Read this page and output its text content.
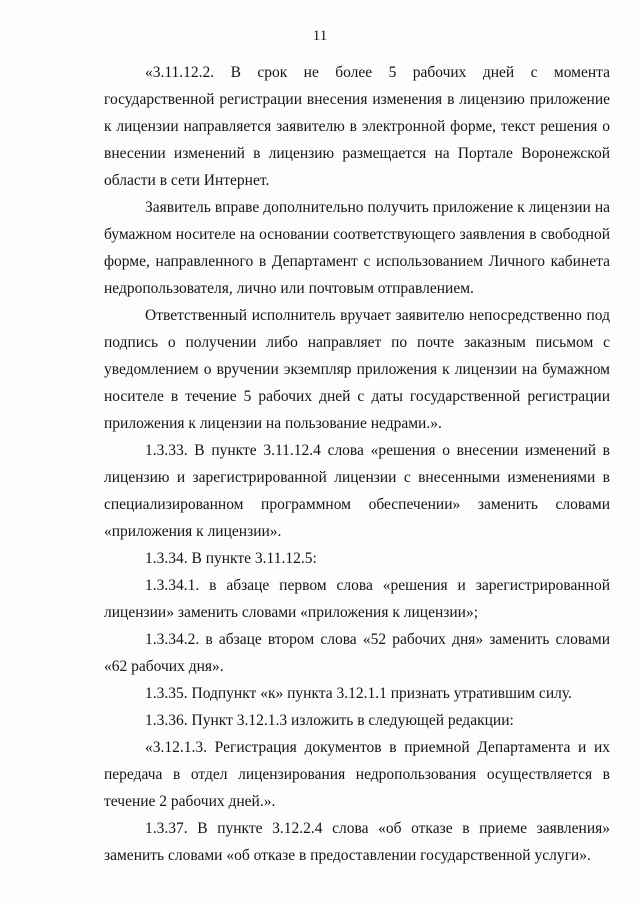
11

«3.11.12.2. В срок не более 5 рабочих дней с момента государственной регистрации внесения изменения в лицензию приложение к лицензии направляется заявителю в электронной форме, текст решения о внесении изменений в лицензию размещается на Портале Воронежской области в сети Интернет.

Заявитель вправе дополнительно получить приложение к лицензии на бумажном носителе на основании соответствующего заявления в свободной форме, направленного в Департамент с использованием Личного кабинета недропользователя, лично или почтовым отправлением.

Ответственный исполнитель вручает заявителю непосредственно под подпись о получении либо направляет по почте заказным письмом с уведомлением о вручении экземпляр приложения к лицензии на бумажном носителе в течение 5 рабочих дней с даты государственной регистрации приложения к лицензии на пользование недрами.».

1.3.33. В пункте 3.11.12.4 слова «решения о внесении изменений в лицензию и зарегистрированной лицензии с внесенными изменениями в специализированном программном обеспечении» заменить словами «приложения к лицензии».

1.3.34. В пункте 3.11.12.5:

1.3.34.1. в абзаце первом слова «решения и зарегистрированной лицензии» заменить словами «приложения к лицензии»;

1.3.34.2. в абзаце втором слова «52 рабочих дня» заменить словами «62 рабочих дня».

1.3.35. Подпункт «к» пункта 3.12.1.1 признать утратившим силу.

1.3.36. Пункт 3.12.1.3 изложить в следующей редакции:

«3.12.1.3. Регистрация документов в приемной Департамента и их передача в отдел лицензирования недропользования осуществляется в течение 2 рабочих дней.».

1.3.37. В пункте 3.12.2.4 слова «об отказе в приеме заявления» заменить словами «об отказе в предоставлении государственной услуги».
